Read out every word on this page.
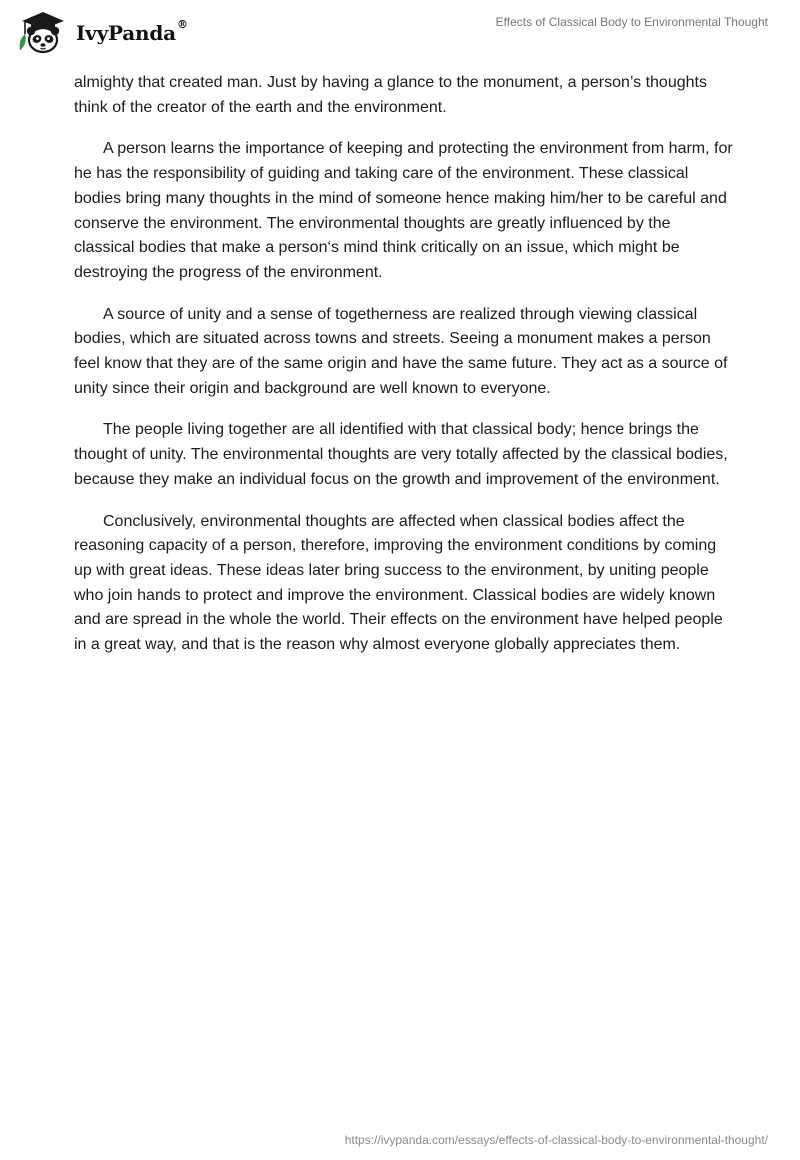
IvyPanda®	Effects of Classical Body to Environmental Thought

almighty that created man. Just by having a glance to the monument, a person’s thoughts think of the creator of the earth and the environment.

A person learns the importance of keeping and protecting the environment from harm, for he has the responsibility of guiding and taking care of the environment. These classical bodies bring many thoughts in the mind of someone hence making him/her to be careful and conserve the environment. The environmental thoughts are greatly influenced by the classical bodies that make a person‘s mind think critically on an issue, which might be destroying the progress of the environment.

A source of unity and a sense of togetherness are realized through viewing classical bodies, which are situated across towns and streets. Seeing a monument makes a person feel know that they are of the same origin and have the same future. They act as a source of unity since their origin and background are well known to everyone.

The people living together are all identified with that classical body; hence brings the thought of unity. The environmental thoughts are very totally affected by the classical bodies, because they make an individual focus on the growth and improvement of the environment.

Conclusively, environmental thoughts are affected when classical bodies affect the reasoning capacity of a person, therefore, improving the environment conditions by coming up with great ideas. These ideas later bring success to the environment, by uniting people who join hands to protect and improve the environment. Classical bodies are widely known and are spread in the whole the world. Their effects on the environment have helped people in a great way, and that is the reason why almost everyone globally appreciates them.

https://ivypanda.com/essays/effects-of-classical-body-to-environmental-thought/
